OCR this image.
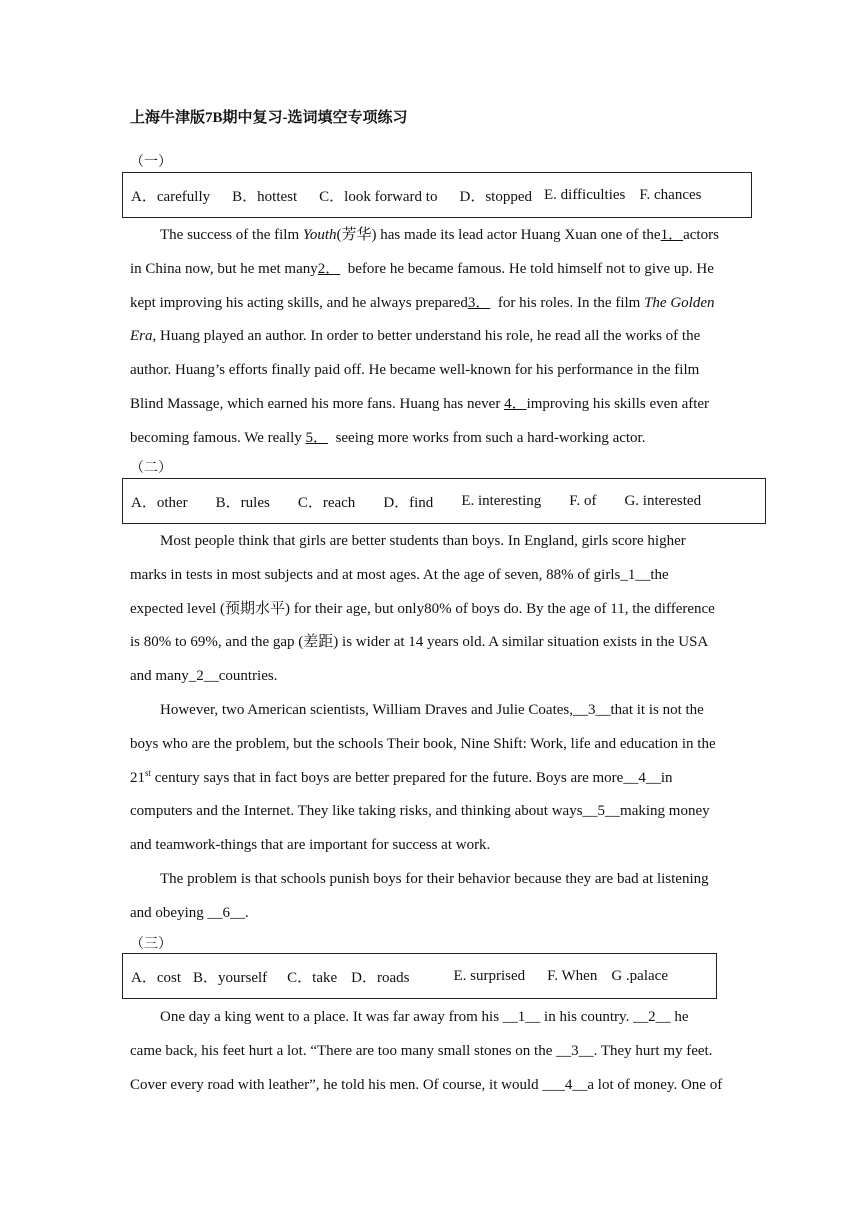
上海牛津版7B期中复习-选词填空专项练习
（一）
A．carefully B．hottest C．look forward to D．stopped E. difficulties F. chances
The success of the film Youth(芳华) has made its lead actor Huang Xuan one of the1．actors
in China now, but he met many2．  before he became famous. He told himself not to give up. He
kept improving his acting skills, and he always prepared3．  for his roles. In the film The Golden
Era, Huang played an author. In order to better understand his role, he read all the works of the
author. Huang’s efforts finally paid off. He became well-known for his performance in the film
Blind Massage, which earned his more fans. Huang has never 4．improving his skills even after
becoming famous. We really 5．  seeing more works from such a hard-working actor.
（二）
A．other B．rules C．reach D．find E. interesting F. of G. interested
Most people think that girls are better students than boys. In England, girls score higher
marks in tests in most subjects and at most ages. At the age of seven, 88% of girls_1__the
expected level (预期水平) for their age, but only80% of boys do. By the age of 11, the difference
is 80% to 69%, and the gap (差距) is wider at 14 years old. A similar situation exists in the USA
and many_2__countries.
However, two American scientists, William Draves and Julie Coates,__3__that it is not the
boys who are the problem, but the schools Their book, Nine Shift: Work, life and education in the
21st century says that in fact boys are better prepared for the future. Boys are more__4__in
computers and the Internet. They like taking risks, and thinking about ways__5__making money
and teamwork-things that are important for success at work.
The problem is that schools punish boys for their behavior because they are bad at listening
and obeying __6__.
（三）
A．cost B．yourself C．take D．roads	E. surprised F. When G .palace
One day a king went to a place. It was far away from his __1__ in his country. __2__ he
came back, his feet hurt a lot. “There are too many small stones on the __3__. They hurt my feet.
Cover every road with leather”, he told his men. Of course, it would ___4__a lot of money. One of
